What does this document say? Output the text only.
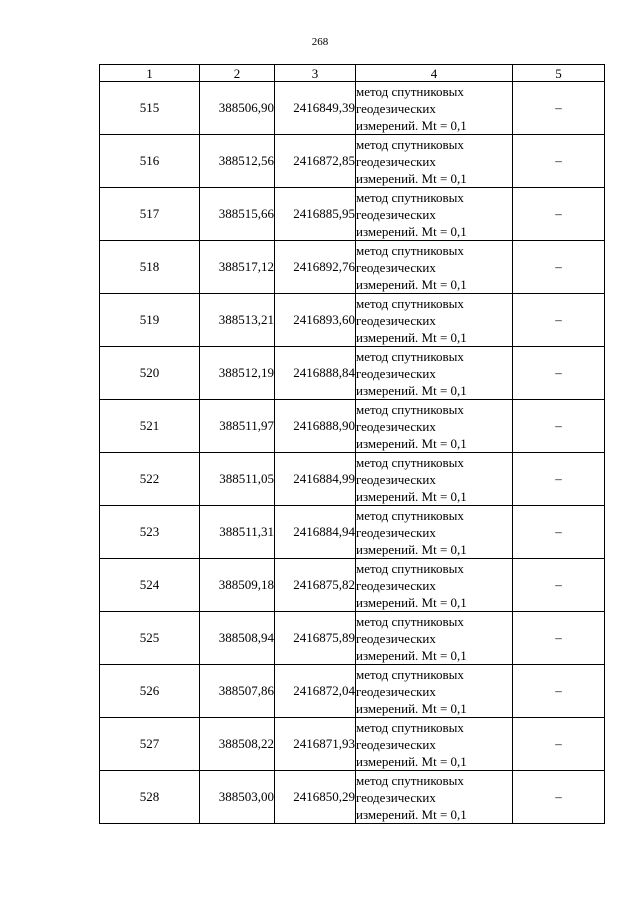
268
1	2	3	4	5
515	388506,90	2416849,39	метод спутниковых
геодезических
измерений. Mt = 0,1	–
516	388512,56	2416872,85	метод спутниковых
геодезических
измерений. Mt = 0,1	–
517	388515,66	2416885,95	метод спутниковых
геодезических
измерений. Mt = 0,1	–
518	388517,12	2416892,76	метод спутниковых
геодезических
измерений. Mt = 0,1	–
519	388513,21	2416893,60	метод спутниковых
геодезических
измерений. Mt = 0,1	–
520	388512,19	2416888,84	метод спутниковых
геодезических
измерений. Mt = 0,1	–
521	388511,97	2416888,90	метод спутниковых
геодезических
измерений. Mt = 0,1	–
522	388511,05	2416884,99	метод спутниковых
геодезических
измерений. Mt = 0,1	–
523	388511,31	2416884,94	метод спутниковых
геодезических
измерений. Mt = 0,1	–
524	388509,18	2416875,82	метод спутниковых
геодезических
измерений. Mt = 0,1	–
525	388508,94	2416875,89	метод спутниковых
геодезических
измерений. Mt = 0,1	–
526	388507,86	2416872,04	метод спутниковых
геодезических
измерений. Mt = 0,1	–
527	388508,22	2416871,93	метод спутниковых
геодезических
измерений. Mt = 0,1	–
528	388503,00	2416850,29	метод спутниковых
геодезических
измерений. Mt = 0,1	–
